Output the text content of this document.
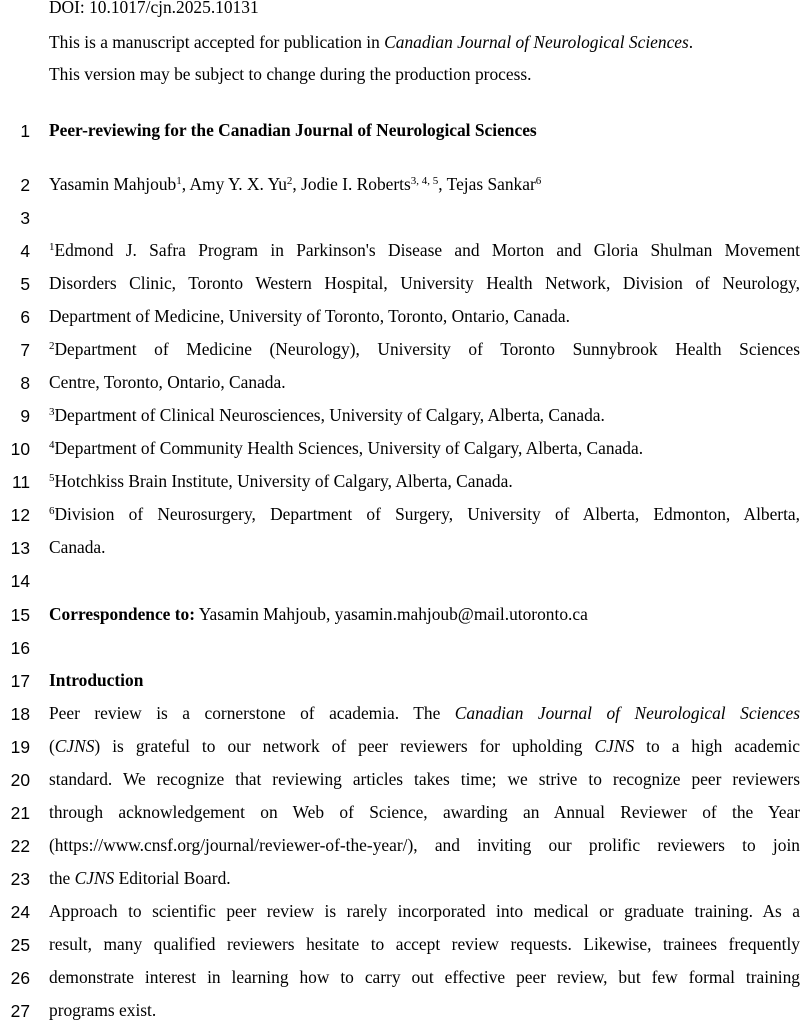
DOI: 10.1017/cjn.2025.10131

This is a manuscript accepted for publication in Canadian Journal of Neurological Sciences.

This version may be subject to change during the production process.

1
2
3
4
5
6
7
8
9
10
11
12
13
14
15
16
17
18
19
20
21
22
23
24
25
26
27
Peer-reviewing for the Canadian Journal of Neurological Sciences
Yasamin Mahjoub$^1$, Amy Y. X. Yu$^2$, Jodie I. Roberts$^{3, 4, 5}$, Tejas Sankar$^6$
$^1$Edmond J. Safra Program in Parkinson's Disease and Morton and Gloria Shulman Movement
Disorders Clinic, Toronto Western Hospital, University Health Network, Division of Neurology,
Department of Medicine, University of Toronto, Toronto, Ontario, Canada.
$^2$Department of Medicine (Neurology), University of Toronto Sunnybrook Health Sciences
Centre, Toronto, Ontario, Canada.
$^3$Department of Clinical Neurosciences, University of Calgary, Alberta, Canada.
$^4$Department of Community Health Sciences, University of Calgary, Alberta, Canada.
$^5$Hotchkiss Brain Institute, University of Calgary, Alberta, Canada.
$^6$Division of Neurosurgery, Department of Surgery, University of Alberta, Edmonton, Alberta,
Canada.
Correspondence to: Yasamin Mahjoub, yasamin.mahjoub@mail.utoronto.ca
Introduction
Peer review is a cornerstone of academia. The Canadian Journal of Neurological Sciences
(CJNS) is grateful to our network of peer reviewers for upholding CJNS to a high academic
standard. We recognize that reviewing articles takes time; we strive to recognize peer reviewers
through acknowledgement on Web of Science, awarding an Annual Reviewer of the Year
(https://www.cnsf.org/journal/reviewer-of-the-year/), and inviting our prolific reviewers to join
the CJNS Editorial Board.
Approach to scientific peer review is rarely incorporated into medical or graduate training. As a
result, many qualified reviewers hesitate to accept review requests. Likewise, trainees frequently
demonstrate interest in learning how to carry out effective peer review, but few formal training
programs exist.
